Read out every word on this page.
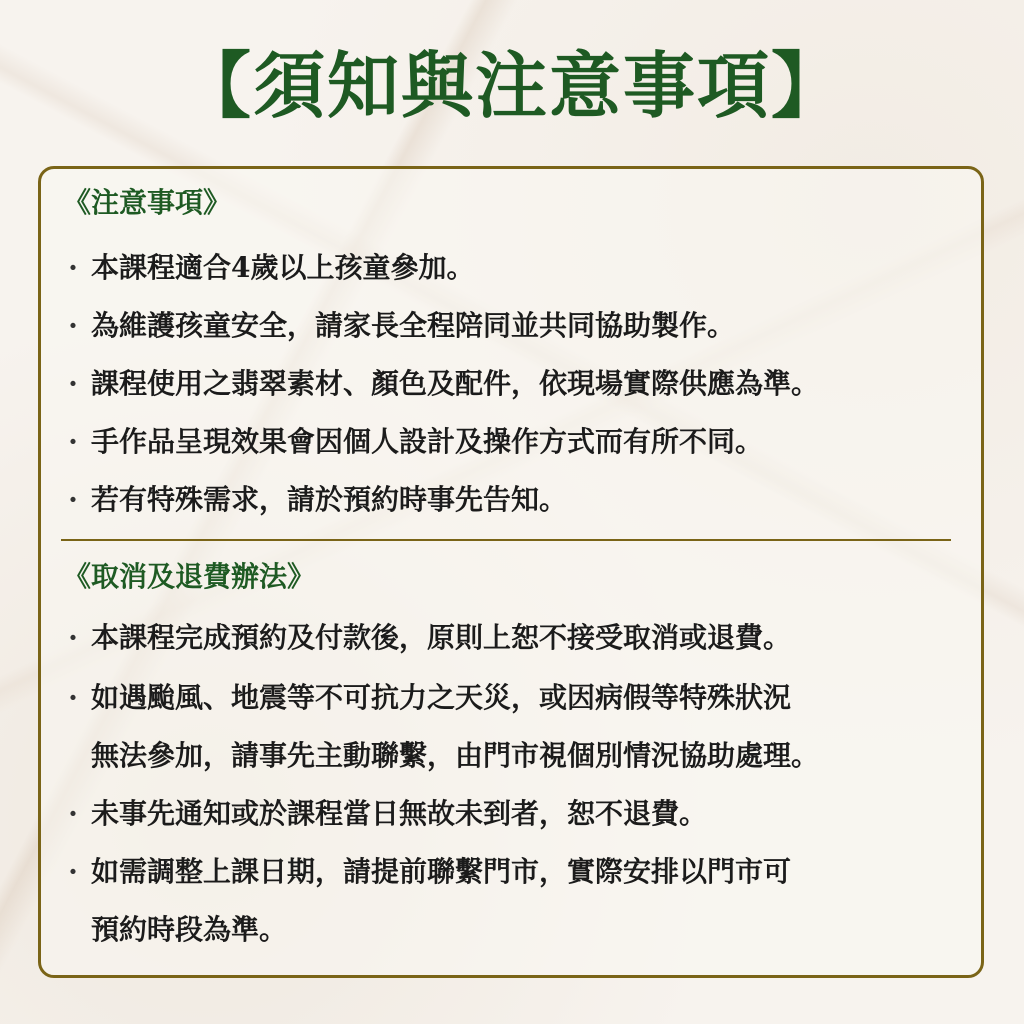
【須知與注意事項】
《注意事項》
· 本課程適合4歲以上孩童參加。
· 為維護孩童安全，請家長全程陪同並共同協助製作。
· 課程使用之翡翠素材、顏色及配件，依現場實際供應為準。
· 手作品呈現效果會因個人設計及操作方式而有所不同。
· 若有特殊需求，請於預約時事先告知。
《取消及退費辦法》
· 本課程完成預約及付款後，原則上恕不接受取消或退費。
· 如遇颱風、地震等不可抗力之天災，或因病假等特殊狀況
無法參加，請事先主動聯繫，由門市視個別情況協助處理。
· 未事先通知或於課程當日無故未到者，恕不退費。
· 如需調整上課日期，請提前聯繫門市，實際安排以門市可
預約時段為準。
